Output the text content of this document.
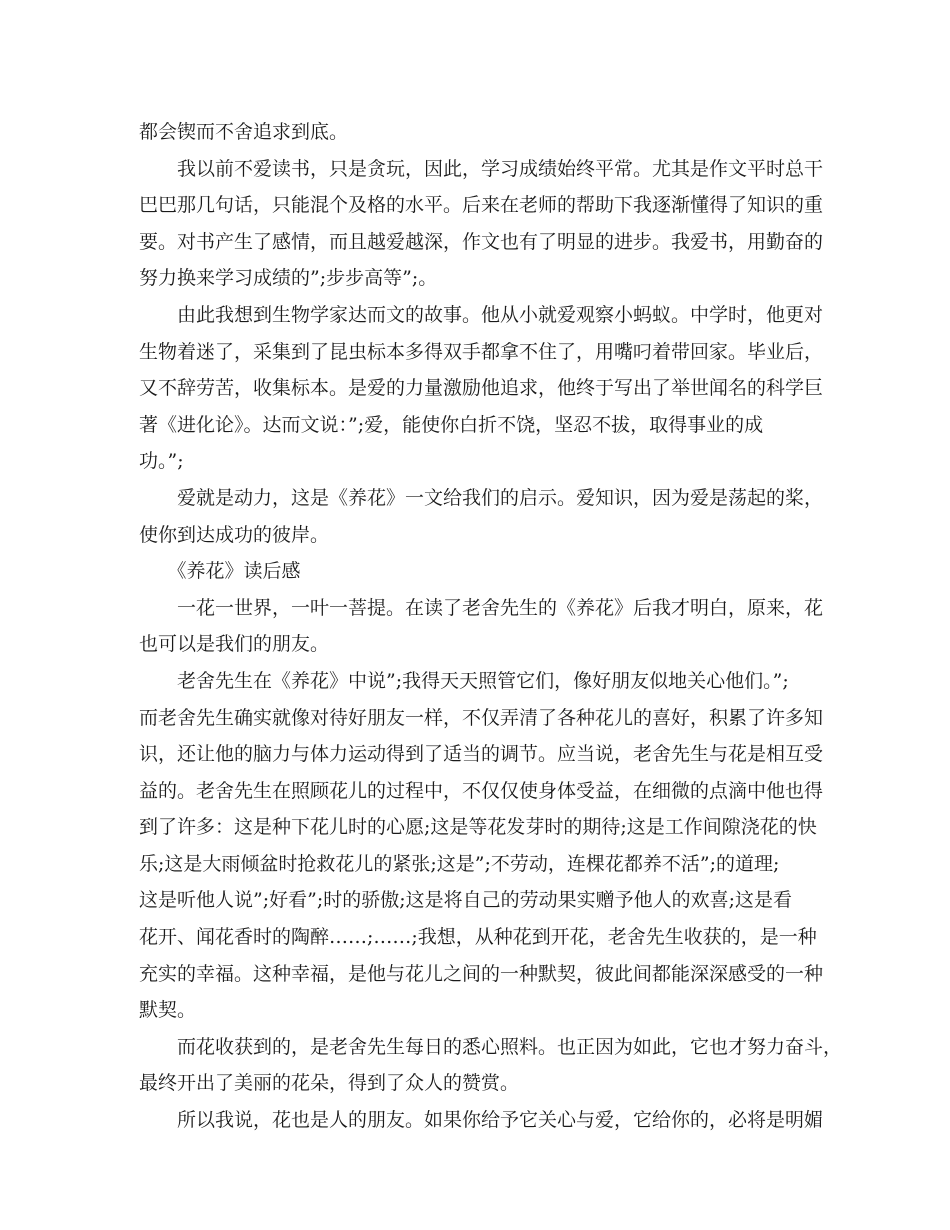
都会锲而不舍追求到底。

　　我以前不爱读书，只是贪玩，因此，学习成绩始终平常。尤其是作文平时总干

巴巴那几句话，只能混个及格的水平。后来在老师的帮助下我逐渐懂得了知识的重

要。对书产生了感情，而且越爱越深，作文也有了明显的进步。我爱书，用勤奋的

努力换来学习成绩的”;步步高等”;。

　　由此我想到生物学家达而文的故事。他从小就爱观察小蚂蚁。中学时，他更对

生物着迷了，采集到了昆虫标本多得双手都拿不住了，用嘴叼着带回家。毕业后，

又不辞劳苦，收集标本。是爱的力量激励他追求，他终于写出了举世闻名的科学巨

著《进化论》。达而文说：”;爱，能使你白折不饶，坚忍不拔，取得事业的成

功。”;

　　爱就是动力，这是《养花》一文给我们的启示。爱知识，因为爱是荡起的桨，

使你到达成功的彼岸。

　　《养花》读后感

　　一花一世界，一叶一菩提。在读了老舍先生的《养花》后我才明白，原来，花

也可以是我们的朋友。

　　老舍先生在《养花》中说”;我得天天照管它们，像好朋友似地关心他们。”;

而老舍先生确实就像对待好朋友一样，不仅弄清了各种花儿的喜好，积累了许多知

识，还让他的脑力与体力运动得到了适当的调节。应当说，老舍先生与花是相互受

益的。老舍先生在照顾花儿的过程中，不仅仅使身体受益，在细微的点滴中他也得

到了许多：这是种下花儿时的心愿;这是等花发芽时的期待;这是工作间隙浇花的快

乐;这是大雨倾盆时抢救花儿的紧张;这是”;不劳动，连棵花都养不活”;的道理;

这是听他人说”;好看”;时的骄傲;这是将自己的劳动果实赠予他人的欢喜;这是看

花开、闻花香时的陶醉……;……;我想，从种花到开花，老舍先生收获的，是一种

充实的幸福。这种幸福，是他与花儿之间的一种默契，彼此间都能深深感受的一种

默契。

　　而花收获到的，是老舍先生每日的悉心照料。也正因为如此，它也才努力奋斗，

最终开出了美丽的花朵，得到了众人的赞赏。

　　所以我说，花也是人的朋友。如果你给予它关心与爱，它给你的，必将是明媚
